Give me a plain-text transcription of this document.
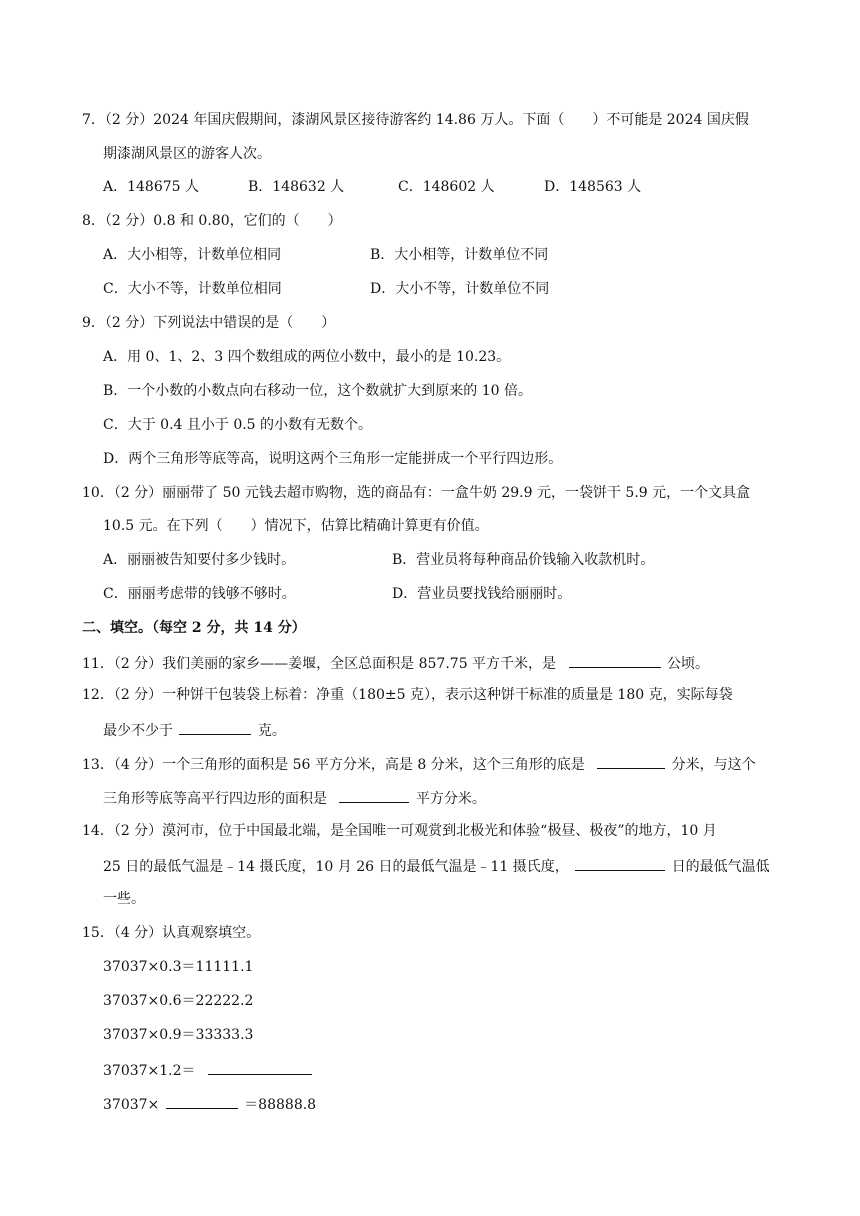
7．（2 分）2024 年国庆假期间，漆湖风景区接待游客约 14.86 万人。下面（　　）不可能是 2024 国庆假
期漆湖风景区的游客人次。
A．148675 人	B．148632 人	C．148602 人	D．148563 人
8．（2 分）0.8 和 0.80，它们的（　　）
A．大小相等，计数单位相同	B．大小相等，计数单位不同
C．大小不等，计数单位相同	D．大小不等，计数单位不同
9．（2 分）下列说法中错误的是（　　）
A．用 0、1、2、3 四个数组成的两位小数中，最小的是 10.23。
B．一个小数的小数点向右移动一位，这个数就扩大到原来的 10 倍。
C．大于 0.4 且小于 0.5 的小数有无数个。
D．两个三角形等底等高，说明这两个三角形一定能拼成一个平行四边形。
10．（2 分）丽丽带了 50 元钱去超市购物，选的商品有：一盒牛奶 29.9 元，一袋饼干 5.9 元，一个文具盒
10.5 元。在下列（　　）情况下，估算比精确计算更有价值。
A．丽丽被告知要付多少钱时。	B．营业员将每种商品价钱输入收款机时。
C．丽丽考虑带的钱够不够时。	D．营业员要找钱给丽丽时。
二、填空。（每空 2 分，共 14 分）
11．（2 分）我们美丽的家乡——姜堰，全区总面积是 857.75 平方千米，是	公顷。
12．（2 分）一种饼干包装袋上标着：净重（180±5 克），表示这种饼干标准的质量是 180 克，实际每袋
最少不少于	克。
13．（4 分）一个三角形的面积是 56 平方分米，高是 8 分米，这个三角形的底是	分米，与这个
三角形等底等高平行四边形的面积是	平方分米。
14．（2 分）漠河市，位于中国最北端，是全国唯一可观赏到北极光和体验“极昼、极夜”的地方，10 月
25 日的最低气温是﹣14 摄氏度，10 月 26 日的最低气温是﹣11 摄氏度，	日的最低气温低
一些。
15．（4 分）认真观察填空。
37037×0.3＝11111.1
37037×0.6＝22222.2
37037×0.9＝33333.3
37037×1.2＝
37037×	＝88888.8
